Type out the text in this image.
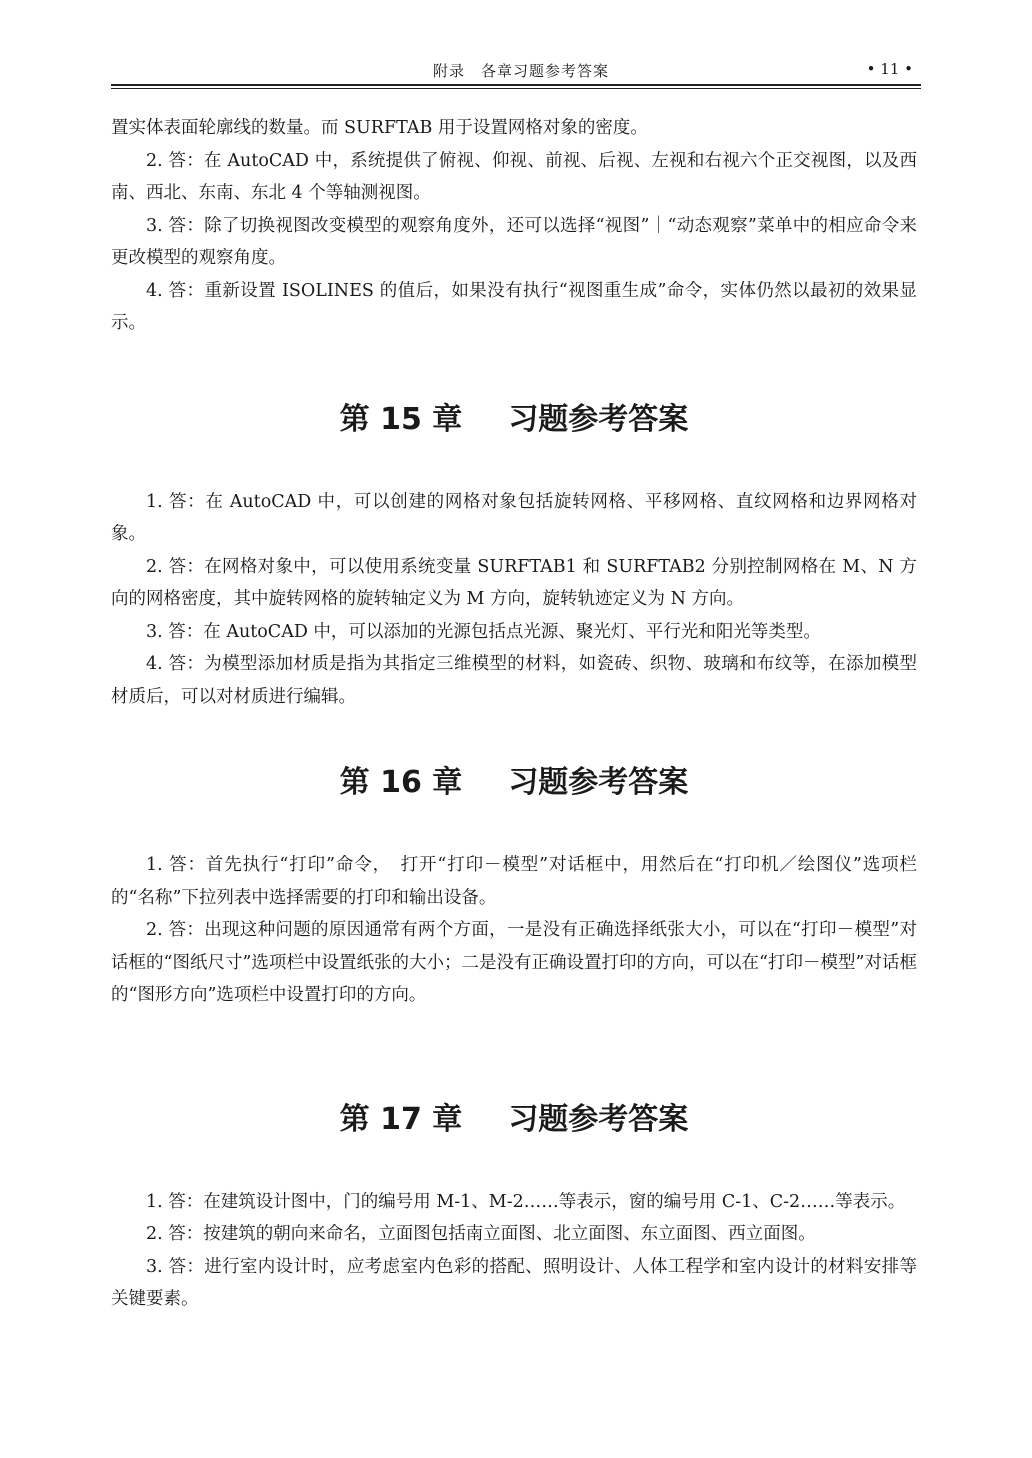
附录　各章习题参考答案	• 11 •

置实体表面轮廓线的数量。而 SURFTAB 用于设置网格对象的密度。

2. 答：在 AutoCAD 中，系统提供了俯视、仰视、前视、后视、左视和右视六个正交视图，以及西南、西北、东南、东北 4 个等轴测视图。

3. 答：除了切换视图改变模型的观察角度外，还可以选择“视图”｜“动态观察”菜单中的相应命令来更改模型的观察角度。

4. 答：重新设置 ISOLINES 的值后，如果没有执行“视图重生成”命令，实体仍然以最初的效果显示。

第 15 章 习题参考答案

1. 答：在 AutoCAD 中，可以创建的网格对象包括旋转网格、平移网格、直纹网格和边界网格对象。

2. 答：在网格对象中，可以使用系统变量 SURFTAB1 和 SURFTAB2 分别控制网格在 M、N 方向的网格密度，其中旋转网格的旋转轴定义为 M 方向，旋转轨迹定义为 N 方向。

3. 答：在 AutoCAD 中，可以添加的光源包括点光源、聚光灯、平行光和阳光等类型。

4. 答：为模型添加材质是指为其指定三维模型的材料，如瓷砖、织物、玻璃和布纹等，在添加模型材质后，可以对材质进行编辑。

第 16 章 习题参考答案

1. 答：首先执行“打印”命令，　打开“打印－模型”对话框中，用然后在“打印机／绘图仪”选项栏的“名称”下拉列表中选择需要的打印和输出设备。

2. 答：出现这种问题的原因通常有两个方面，一是没有正确选择纸张大小，可以在“打印－模型”对话框的“图纸尺寸”选项栏中设置纸张的大小；二是没有正确设置打印的方向，可以在“打印－模型”对话框的“图形方向”选项栏中设置打印的方向。

第 17 章 习题参考答案

1. 答：在建筑设计图中，门的编号用 M-1、M-2……等表示，窗的编号用 C-1、C-2……等表示。

2. 答：按建筑的朝向来命名，立面图包括南立面图、北立面图、东立面图、西立面图。

3. 答：进行室内设计时，应考虑室内色彩的搭配、照明设计、人体工程学和室内设计的材料安排等关键要素。
